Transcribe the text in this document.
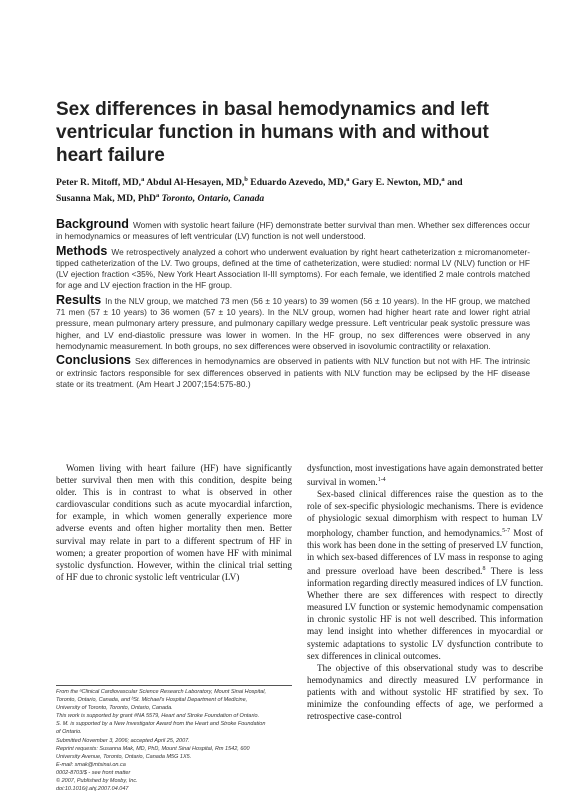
Sex differences in basal hemodynamics and left ventricular function in humans with and without heart failure
Peter R. Mitoff, MD,$^a$ Abdul Al-Hesayen, MD,$^b$ Eduardo Azevedo, MD,$^a$ Gary E. Newton, MD,$^a$ and
Susanna Mak, MD, PhD$^a$ Toronto, Ontario, Canada

Background Women with systolic heart failure (HF) demonstrate better survival than men. Whether sex differences occur in hemodynamics or measures of left ventricular (LV) function is not well understood.

Methods We retrospectively analyzed a cohort who underwent evaluation by right heart catheterization ± micromanometer-tipped catheterization of the LV. Two groups, defined at the time of catheterization, were studied: normal LV (NLV) function or HF (LV ejection fraction <35%, New York Heart Association II-III symptoms). For each female, we identified 2 male controls matched for age and LV ejection fraction in the HF group.

Results In the NLV group, we matched 73 men (56 ± 10 years) to 39 women (56 ± 10 years). In the HF group, we matched 71 men (57 ± 10 years) to 36 women (57 ± 10 years). In the NLV group, women had higher heart rate and lower right atrial pressure, mean pulmonary artery pressure, and pulmonary capillary wedge pressure. Left ventricular peak systolic pressure was higher, and LV end-diastolic pressure was lower in women. In the HF group, no sex differences were observed in any hemodynamic measurement. In both groups, no sex differences were observed in isovolumic contractility or relaxation.

Conclusions Sex differences in hemodynamics are observed in patients with NLV function but not with HF. The intrinsic or extrinsic factors responsible for sex differences observed in patients with NLV function may be eclipsed by the HF disease state or its treatment. (Am Heart J 2007;154:575-80.)

Women living with heart failure (HF) have significantly better survival then men with this condition, despite being older. This is in contrast to what is observed in other cardiovascular conditions such as acute myocardial infarction, for example, in which women generally experience more adverse events and often higher mortality then men. Better survival may relate in part to a different spectrum of HF in women; a greater proportion of women have HF with minimal systolic dysfunction. However, within the clinical trial setting of HF due to chronic systolic left ventricular (LV)

dysfunction, most investigations have again demonstrated better survival in women.$^{1-4}$

Sex-based clinical differences raise the question as to the role of sex-specific physiologic mechanisms. There is evidence of physiologic sexual dimorphism with respect to human LV morphology, chamber function, and hemodynamics.$^{5-7}$ Most of this work has been done in the setting of preserved LV function, in which sex-based differences of LV mass in response to aging and pressure overload have been described.$^8$ There is less information regarding directly measured indices of LV function. Whether there are sex differences with respect to directly measured LV function or systemic hemodynamic compensation in chronic systolic HF is not well described. This information may lend insight into whether differences in myocardial or systemic adaptations to systolic LV dysfunction contribute to sex differences in clinical outcomes.

The objective of this observational study was to describe hemodynamics and directly measured LV performance in patients with and without systolic HF stratified by sex. To minimize the confounding effects of age, we performed a retrospective case-control

From the ᵃClinical Cardiovascular Science Research Laboratory, Mount Sinai Hospital,
Toronto, Ontario, Canada, and ᵇSt. Michael's Hospital Department of Medicine,
University of Toronto, Toronto, Ontario, Canada.
This work is supported by grant #NA 5579, Heart and Stroke Foundation of Ontario.
S. M. is supported by a New Investigator Award from the Heart and Stroke Foundation
of Ontario.
Submitted November 3, 2006; accepted April 25, 2007.
Reprint requests: Susanna Mak, MD, PhD, Mount Sinai Hospital, Rm 1542, 600
University Avenue, Toronto, Ontario, Canada M5G 1X5.
E-mail: smak@mtsinai.on.ca
0002-8703/$ - see front matter
© 2007, Published by Mosby, Inc.
doi:10.1016/j.ahj.2007.04.047
